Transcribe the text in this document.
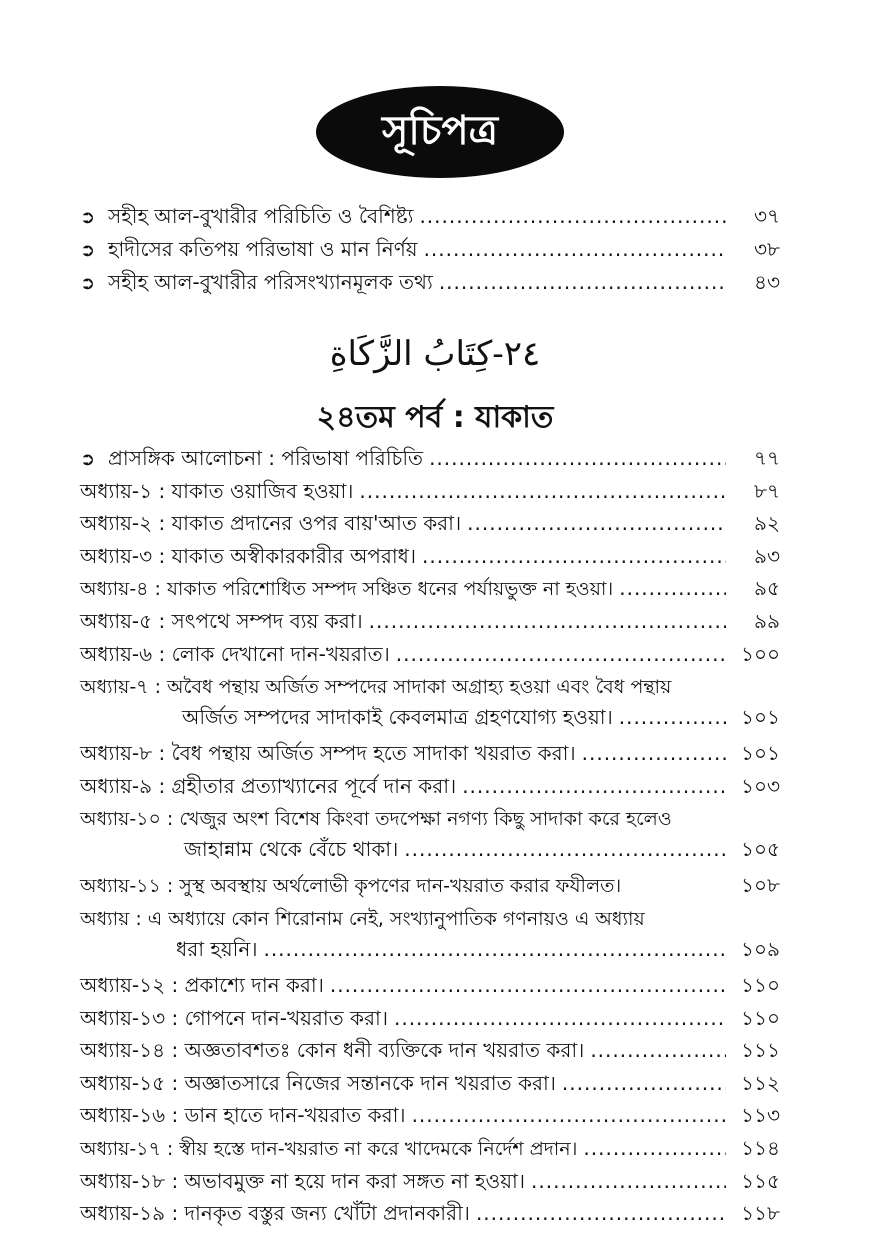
সূচিপত্র
➲ সহীহ আল-বুখারীর পরিচিতি ও বৈশিষ্ট্য .....	৩৭
➲ হাদীসের কতিপয় পরিভাষা ও মান নির্ণয় .....	৩৮
➲ সহীহ আল-বুখারীর পরিসংখ্যানমূলক তথ্য .....	৪৩
٢٤-كِتَابُ الزَّكَاةِ
২৪তম পর্ব : যাকাত
➲ প্রাসঙ্গিক আলোচনা : পরিভাষা পরিচিতি .....	৭৭
অধ্যায়-১ : যাকাত ওয়াজিব হওয়া। .....	৮৭
অধ্যায়-২ : যাকাত প্রদানের ওপর বায়'আত করা। .....	৯২
অধ্যায়-৩ : যাকাত অস্বীকারকারীর অপরাধ। .....	৯৩
অধ্যায়-৪ : যাকাত পরিশোধিত সম্পদ সঞ্চিত ধনের পর্যায়ভুক্ত না হওয়া। .....	৯৫
অধ্যায়-৫ : সৎপথে সম্পদ ব্যয় করা। .....	৯৯
অধ্যায়-৬ : লোক দেখানো দান-খয়রাত। .....	১০০
অধ্যায়-৭ : অবৈধ পন্থায় অর্জিত সম্পদের সাদাকা অগ্রাহ্য হওয়া এবং বৈধ পন্থায়
অর্জিত সম্পদের সাদাকাই কেবলমাত্র গ্রহণযোগ্য হওয়া। .....	১০১
অধ্যায়-৮ : বৈধ পন্থায় অর্জিত সম্পদ হতে সাদাকা খয়রাত করা। .....	১০১
অধ্যায়-৯ : গ্রহীতার প্রত্যাখ্যানের পূর্বে দান করা। .....	১০৩
অধ্যায়-১০ : খেজুর অংশ বিশেষ কিংবা তদপেক্ষা নগণ্য কিছু সাদাকা করে হলেও
জাহান্নাম থেকে বেঁচে থাকা। .....	১০৫
অধ্যায়-১১ : সুস্থ অবস্থায় অর্থলোভী কৃপণের দান-খয়রাত করার ফযীলত।	১০৮
অধ্যায় : এ অধ্যায়ে কোন শিরোনাম নেই, সংখ্যানুপাতিক গণনায়ও এ অধ্যায়
ধরা হয়নি। .....	১০৯
অধ্যায়-১২ : প্রকাশ্যে দান করা। .....	১১০
অধ্যায়-১৩ : গোপনে দান-খয়রাত করা। .....	১১০
অধ্যায়-১৪ : অজ্ঞতাবশতঃ কোন ধনী ব্যক্তিকে দান খয়রাত করা। .....	১১১
অধ্যায়-১৫ : অজ্ঞাতসারে নিজের সন্তানকে দান খয়রাত করা। .....	১১২
অধ্যায়-১৬ : ডান হাতে দান-খয়রাত করা। .....	১১৩
অধ্যায়-১৭ : স্বীয় হস্তে দান-খয়রাত না করে খাদেমকে নির্দেশ প্রদান। .....	১১৪
অধ্যায়-১৮ : অভাবমুক্ত না হয়ে দান করা সঙ্গত না হওয়া। .....	১১৫
অধ্যায়-১৯ : দানকৃত বস্তুর জন্য খোঁটা প্রদানকারী। .....	১১৮
